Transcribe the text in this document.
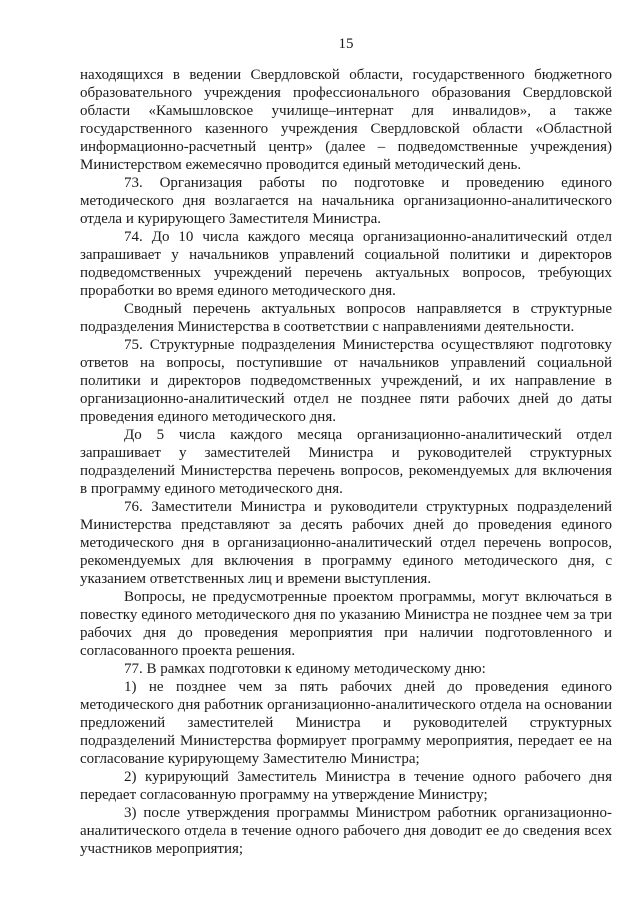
15

находящихся в ведении Свердловской области, государственного бюджетного образовательного учреждения профессионального образования Свердловской области «Камышловское училище–интернат для инвалидов», а также государственного казенного учреждения Свердловской области «Областной информационно-расчетный центр» (далее – подведомственные учреждения) Министерством ежемесячно проводится единый методический день.

73. Организация работы по подготовке и проведению единого методического дня возлагается на начальника организационно-аналитического отдела и курирующего Заместителя Министра.

74. До 10 числа каждого месяца организационно-аналитический отдел запрашивает у начальников управлений социальной политики и директоров подведомственных учреждений перечень актуальных вопросов, требующих проработки во время единого методического дня.

Сводный перечень актуальных вопросов направляется в структурные подразделения Министерства в соответствии с направлениями деятельности.

75. Структурные подразделения Министерства осуществляют подготовку ответов на вопросы, поступившие от начальников управлений социальной политики и директоров подведомственных учреждений, и их направление в организационно-аналитический отдел не позднее пяти рабочих дней до даты проведения единого методического дня.

До 5 числа каждого месяца организационно-аналитический отдел запрашивает у заместителей Министра и руководителей структурных подразделений Министерства перечень вопросов, рекомендуемых для включения в программу единого методического дня.

76. Заместители Министра и руководители структурных подразделений Министерства представляют за десять рабочих дней до проведения единого методического дня в организационно-аналитический отдел перечень вопросов, рекомендуемых для включения в программу единого методического дня, с указанием ответственных лиц и времени выступления.

Вопросы, не предусмотренные проектом программы, могут включаться в повестку единого методического дня по указанию Министра не позднее чем за три рабочих дня до проведения мероприятия при наличии подготовленного и согласованного проекта решения.

77. В рамках подготовки к единому методическому дню:

1) не позднее чем за пять рабочих дней до проведения единого методического дня работник организационно-аналитического отдела на основании предложений заместителей Министра и руководителей структурных подразделений Министерства формирует программу мероприятия, передает ее на согласование курирующему Заместителю Министра;

2) курирующий Заместитель Министра в течение одного рабочего дня передает согласованную программу на утверждение Министру;

3) после утверждения программы Министром работник организационно-аналитического отдела в течение одного рабочего дня доводит ее до сведения всех участников мероприятия;
